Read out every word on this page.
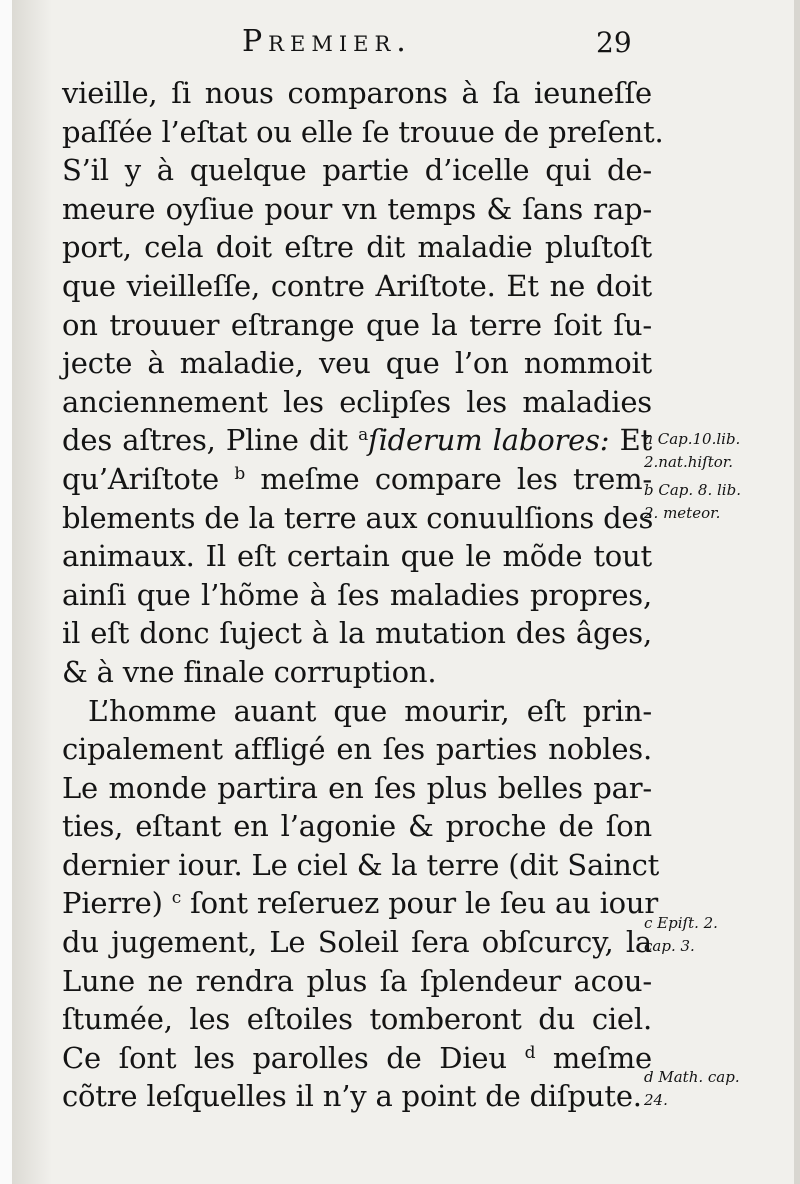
Premier.	29
vieille, ſi nous comparons à ſa ieuneſſe
paſſée l’eſtat ou elle ſe trouue de preſent.
S’il y à quelque partie d’icelle qui de-
meure oyſiue pour vn temps & ſans rap-
port, cela doit eſtre dit maladie pluſtoſt
que vieilleſſe, contre Ariſtote. Et ne doit
on trouuer eſtrange que la terre ſoit ſu-
jecte à maladie, veu que l’on nommoit
anciennement les eclipſes les maladies
des aſtres, Pline dit $^a$ſiderum labores: Et
qu’Ariſtote $^b$ meſme compare les trem-
blements de la terre aux conuulſions des
animaux. Il eſt certain que le mõde tout
ainſi que l’hõme à ſes maladies propres,
il eſt donc ſuject à la mutation des âges,
& à vne finale corruption.
L’homme auant que mourir, eſt prin-
cipalement affligé en ſes parties nobles.
Le monde partira en ſes plus belles par-
ties, eſtant en l’agonie & proche de ſon
dernier iour. Le ciel & la terre (dit Sainct
Pierre) $^c$ ſont reſeruez pour le ſeu au iour
du jugement, Le Soleil ſera obſcurcy, la
Lune ne rendra plus ſa ſplendeur acou-
ſtumée, les eſtoiles tomberont du ciel.
Ce ſont les parolles de Dieu $^d$ meſme
cõtre leſquelles il n’y a point de diſpute.
a Cap.10.lib.
2.nat.hiſtor.
b Cap. 8. lib.
2. meteor.
c Epiſt. 2.
cap. 3.
d Math. cap.
24.
